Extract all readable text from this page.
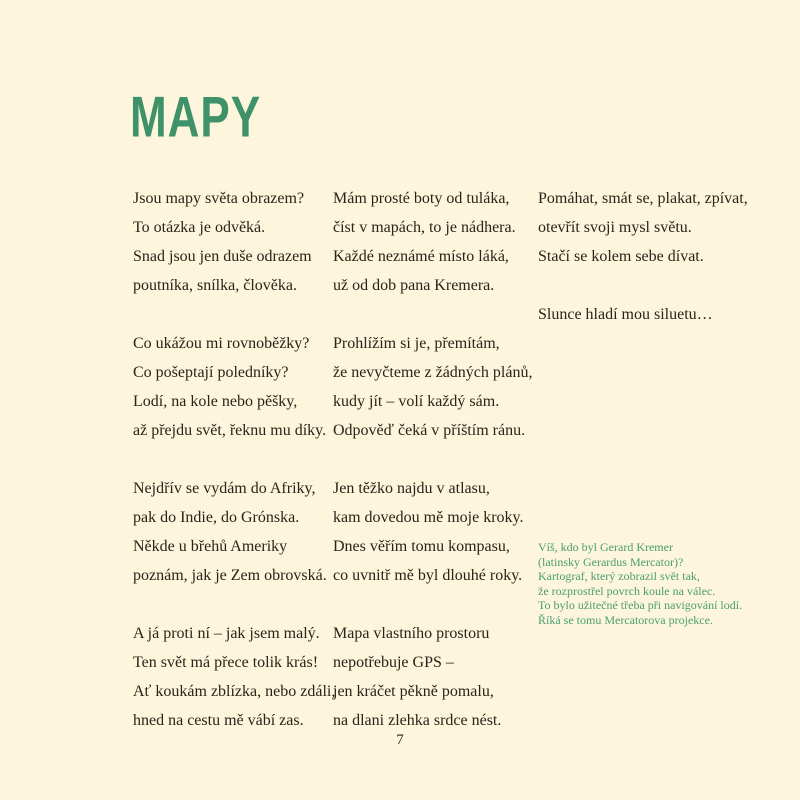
MAPY
Jsou mapy světa obrazem?
To otázka je odvěká.
Snad jsou jen duše odrazem
poutníka, snílka, člověka.
Co ukážou mi rovnoběžky?
Co pošeptají poledníky?
Lodí, na kole nebo pěšky,
až přejdu svět, řeknu mu díky.
Nejdřív se vydám do Afriky,
pak do Indie, do Grónska.
Někde u břehů Ameriky
poznám, jak je Zem obrovská.
A já proti ní – jak jsem malý.
Ten svět má přece tolik krás!
Ať koukám zblízka, nebo zdáli,
hned na cestu mě vábí zas.
Mám prosté boty od tuláka,
číst v mapách, to je nádhera.
Každé neznámé místo láká,
už od dob pana Kremera.
Prohlížím si je, přemítám,
že nevyčteme z žádných plánů,
kudy jít – volí každý sám.
Odpověď čeká v příštím ránu.
Jen těžko najdu v atlasu,
kam dovedou mě moje kroky.
Dnes věřím tomu kompasu,
co uvnitř mě byl dlouhé roky.
Mapa vlastního prostoru
nepotřebuje GPS –
jen kráčet pěkně pomalu,
na dlani zlehka srdce nést.
Pomáhat, smát se, plakat, zpívat,
otevřít svoji mysl světu.
Stačí se kolem sebe dívat.
Slunce hladí mou siluetu…
Víš, kdo byl Gerard Kremer
(latinsky Gerardus Mercator)?
Kartograf, který zobrazil svět tak,
že rozprostřel povrch koule na válec.
To bylo užitečné třeba při navigování lodí.
Říká se tomu Mercatorova projekce.
7
